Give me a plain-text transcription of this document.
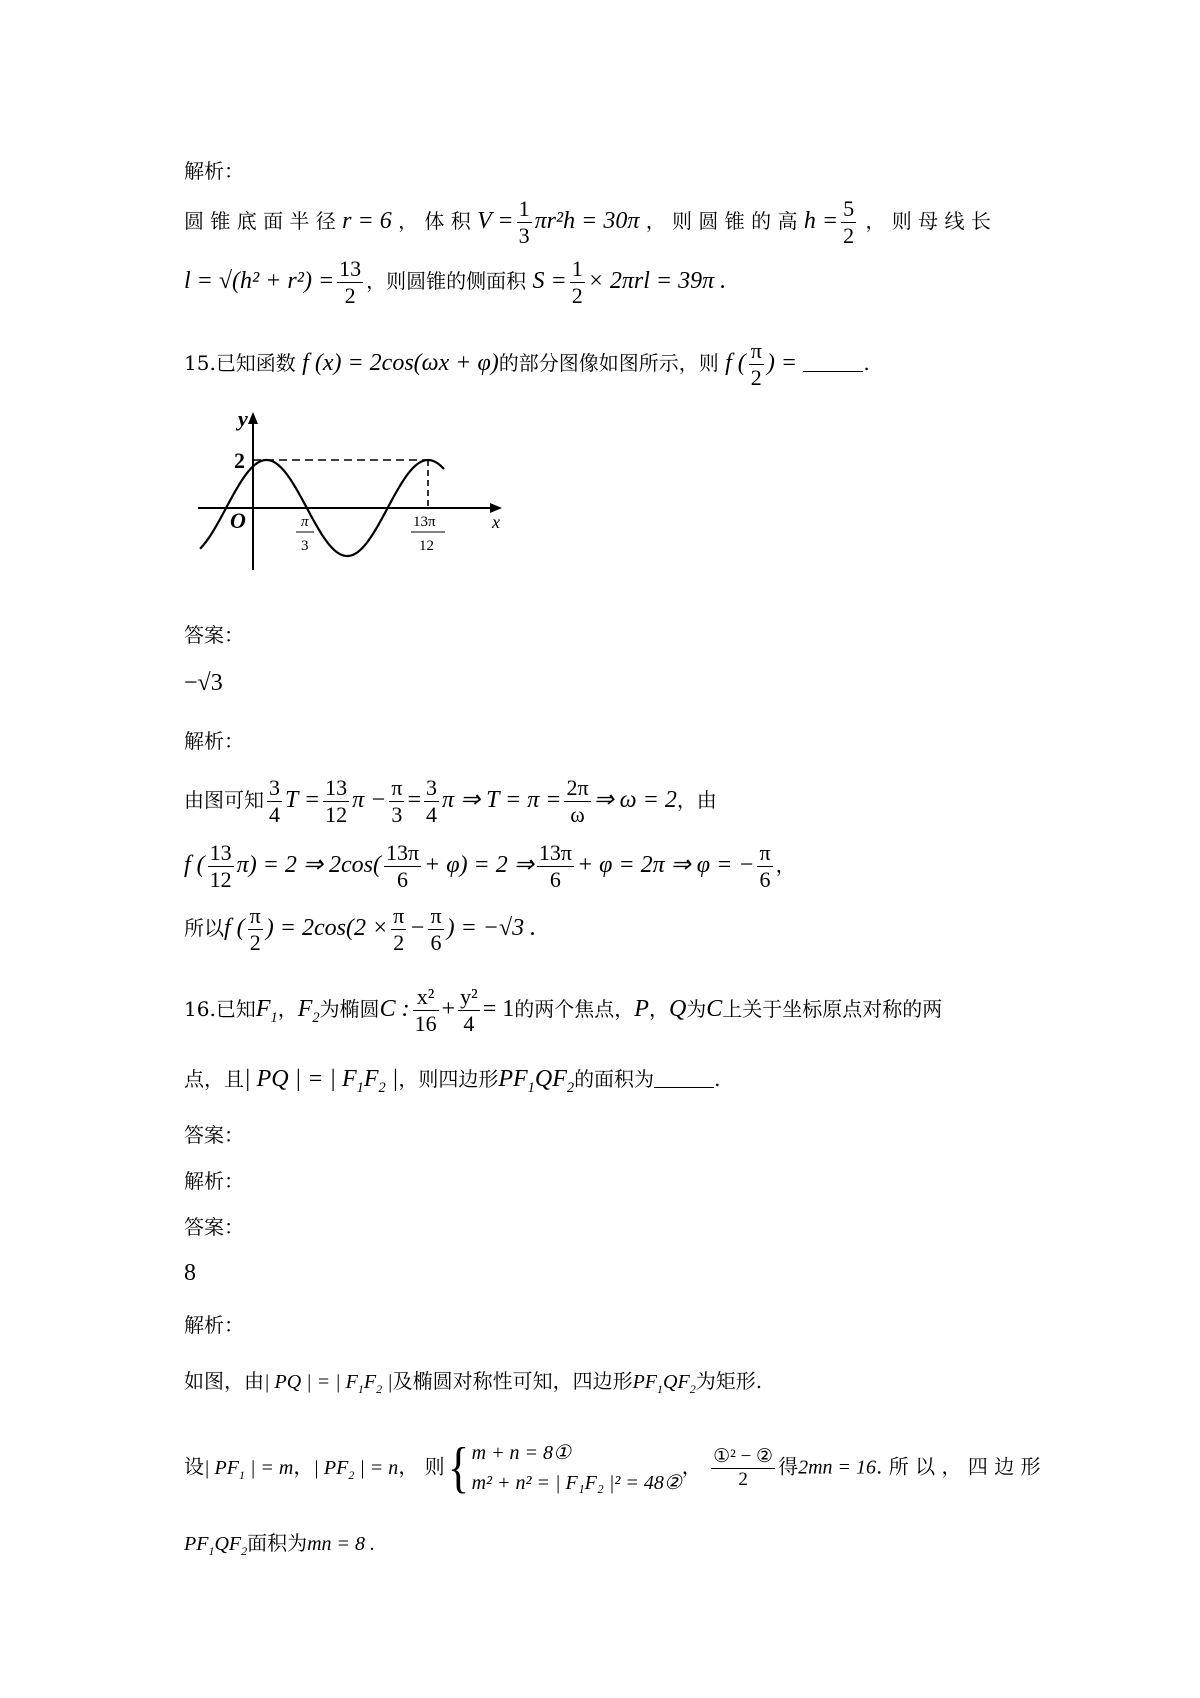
解析：
圆 锥 底 面 半 径 r = 6 ， 体 积 $V = \frac{1}{3} \pi r^2h = 30\pi$ ， 则 圆 锥 的 高 $h = \frac{5}{2}$ ， 则 母 线 长
$l = √(h^2 + r^2) = \frac{13}{2}$ ，则圆锥的侧面积 $S = \frac{1}{2} \times 2\pi rl = 39\pi$ .
15.已知函数 f (x) = 2cos(ωx + φ)的部分图像如图所示，则 f ( $\frac{\pi}{2}$ ) =	.
y
2
O	x
π
3
13π
12
答案：
−√3
解析：
由图可知 $\frac{3}{4}$ $T = \frac{13}{12}$ $\pi - \frac{\pi}{3} = \frac{3}{4}$ π ⇒ $T = \pi = \frac{2\pi}{\omega}$ ⇒ ω = 2，由
f ( $\frac{13}{12} \pi) = 2$ ⇒ $2\cos( \frac{13\pi}{6} + \varphi) = 2$ ⇒ $\frac{13\pi}{6} + \varphi = 2\pi$ ⇒ φ = − $\frac{\pi}{6}$ ，
所以f ( $\frac{\pi}{2}$ ) = $2\cos(2 \times \frac{\pi}{2} - \frac{\pi}{6}$ ) = −√3 .
16.已知$F_1$，$F_2$为椭圆C : $\frac{\text{x²}}{16} + \frac{\text{y²}}{4} = 1$的两个焦点，P，Q为C上关于坐标原点对称的两
点，且| PQ | = | $F_1F_2$ |，则四边形$PF_1QF_2$的面积为	.
答案：
解析：
答案：
8
解析：
如图，由| PQ | = | $F_1F_2$ |及椭圆对称性可知，四边形$PF_1QF_2$为矩形.
设| $PF_1$ | = m，| $PF_2$ | = n， 则{ m + n = 8①
m² + n² = | F₁F₂ |² = 48②
， $\frac{\text{①² − ②}}{2}$ 得2mn = 16. 所 以 ， 四 边 形
$PF_1QF_2$面积为mn = 8 .
